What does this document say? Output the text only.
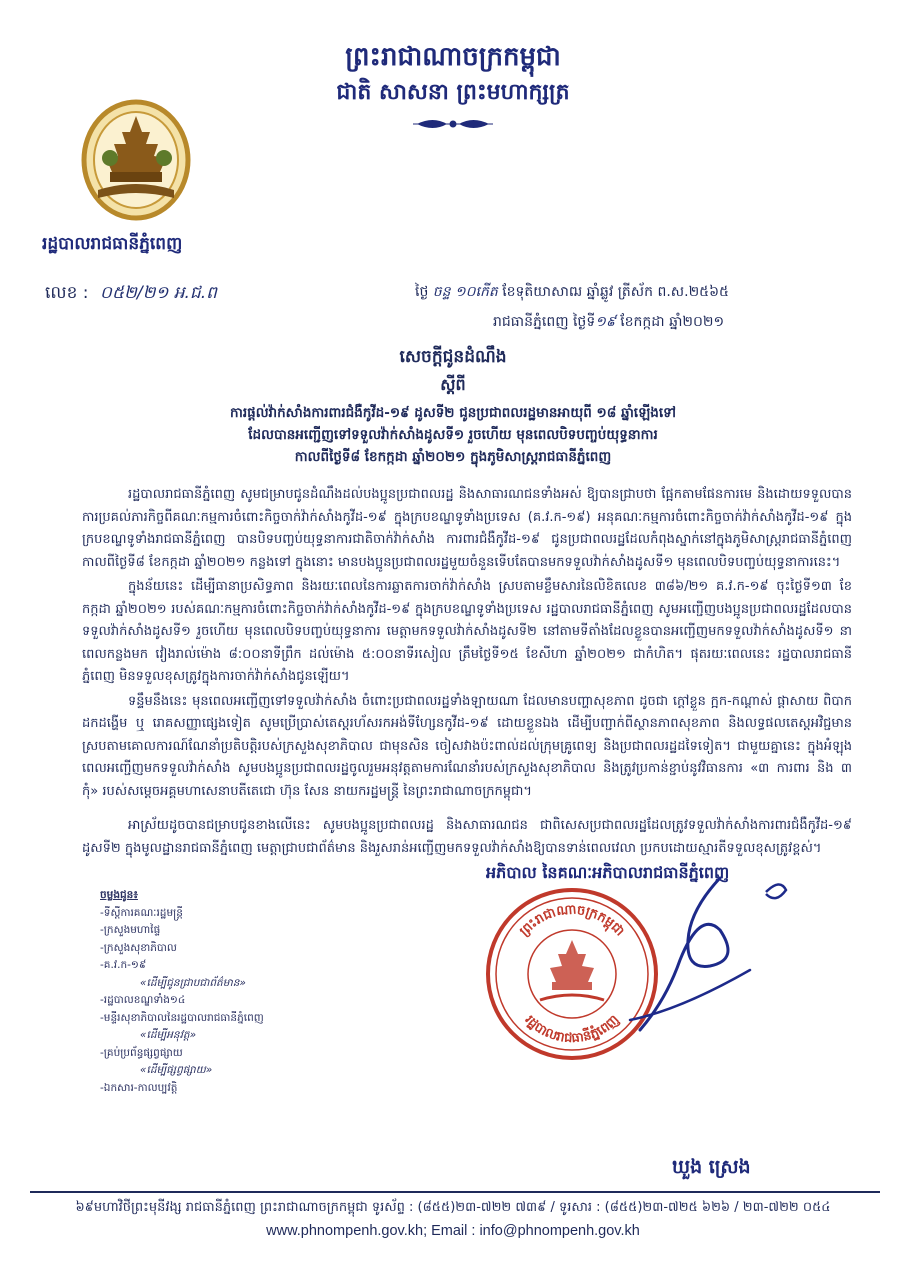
ព្រះរាជាណាចក្រកម្ពុជា
ជាតិ សាសនា ព្រះមហាក្សត្រ
រដ្ឋបាលរាជធានីភ្នំពេញ
លេខ : ០៥២/២១ អ.ជ.ព	ថ្ងៃ ចន្ទ ១០កើត ខែទុតិយាសាឍ ឆ្នាំឆ្លូវ ត្រីស័ក ព.ស.២៥៦៥
រាជធានីភ្នំពេញ ថ្ងៃទី១៩ ខែកក្កដា ឆ្នាំ២០២១
សេចក្តីជូនដំណឹង
ស្តីពី
ការផ្តល់វ៉ាក់សាំងការពារជំងឺកូវីដ-១៩ ដូសទី២ ជូនប្រជាពលរដ្ឋមានអាយុពី ១៨ ឆ្នាំឡើងទៅ
ដែលបានអញ្ជើញទៅទទួលវ៉ាក់សាំងដូសទី១ រួចហើយ មុនពេលបិទបញ្ចប់យុទ្ធនាការ
កាលពីថ្ងៃទី៨ ខែកក្កដា ឆ្នាំ២០២១ ក្នុងភូមិសាស្ត្ររាជធានីភ្នំពេញ

រដ្ឋបាលរាជធានីភ្នំពេញ សូមជម្រាបជូនដំណឹងដល់បងប្អូនប្រជាពលរដ្ឋ និងសាធារណជនទាំងអស់ ឱ្យបានជ្រាបថា ផ្អែកតាមផែនការមេ និងដោយទទួលបានការប្រគល់ភារកិច្ចពីគណៈកម្មការចំពោះកិច្ចចាក់វ៉ាក់សាំងកូវីដ-១៩ ក្នុងក្របខណ្ឌទូទាំងប្រទេស (គ.វ.ក-១៩) អនុគណៈកម្មការចំពោះកិច្ចចាក់វ៉ាក់សាំងកូវីដ-១៩ ក្នុងក្របខណ្ឌទូទាំងរាជធានីភ្នំពេញ បានបិទបញ្ចប់យុទ្ធនាការជាតិចាក់វ៉ាក់សាំង ការពារជំងឺកូវីដ-១៩ ជូនប្រជាពលរដ្ឋដែលកំពុងស្នាក់នៅក្នុងភូមិសាស្ត្ររាជធានីភ្នំពេញ កាលពីថ្ងៃទី៨ ខែកក្កដា ឆ្នាំ២០២១ កន្លងទៅ ក្នុងនោះ មានបងប្អូនប្រជាពលរដ្ឋមួយចំនួនទើបតែបានមកទទួលវ៉ាក់សាំងដូសទី១ មុនពេលបិទបញ្ចប់យុទ្ធនាការនេះ។

ក្នុងន័យនេះ ដើម្បីធានាប្រសិទ្ធភាព និងរយៈពេលនៃការឆ្លាតការចាក់វ៉ាក់សាំង ស្របតាមខ្លឹមសារនៃលិខិតលេខ ៣៨៦/២១ គ.វ.ក-១៩ ចុះថ្ងៃទី១៣ ខែកក្កដា ឆ្នាំ២០២១ របស់គណៈកម្មការចំពោះកិច្ចចាក់វ៉ាក់សាំងកូវីដ-១៩ ក្នុងក្របខណ្ឌទូទាំងប្រទេស រដ្ឋបាលរាជធានីភ្នំពេញ សូមអញ្ជើញបងប្អូនប្រជាពលរដ្ឋដែលបានទទួលវ៉ាក់សាំងដូសទី១ រួចហើយ មុនពេលបិទបញ្ចប់យុទ្ធនាការ មេត្តាមកទទួលវ៉ាក់សាំងដូសទី២ នៅតាមទីតាំងដែលខ្លួនបានអញ្ជើញមកទទួលវ៉ាក់សាំងដូសទី១ នាពេលកន្លងមក វៀងរាល់ម៉ោង ៨:០០នាទីព្រឹក ដល់ម៉ោង ៥:០០នាទីរសៀល ត្រឹមថ្ងៃទី១៥ ខែសីហា ឆ្នាំ២០២១ ជាកំហិត។ ផុតរយៈពេលនេះ រដ្ឋបាលរាជធានីភ្នំពេញ មិនទទួលខុសត្រូវក្នុងការចាក់វ៉ាក់សាំងជូនឡើយ។

ទន្ទឹមនឹងនេះ មុនពេលអញ្ជើញទៅទទួលវ៉ាក់សាំង ចំពោះប្រជាពលរដ្ឋទាំងឡាយណា ដែលមានបញ្ហាសុខភាព ដូចជា ក្តៅខ្លួន ក្អក-កណ្តាស់ ផ្តាសាយ ពិបាកដកដង្ហើម ឬ រោគសញ្ញាផ្សេងទៀត សូមប្រើប្រាស់តេស្តរហ័សរកអង់ទីហ្សែនកូវីដ-១៩ ដោយខ្លួនឯង ដើម្បីបញ្ជាក់ពីស្ថានភាពសុខភាព និងលទ្ធផលតេស្តអវិជ្ជមាន ស្របតាមគោលការណ៍ណែនាំប្រតិបត្តិរបស់ក្រសួងសុខាភិបាល ជាមុនសិន ចៀសវាងប៉ះពាល់ដល់ក្រុមគ្រូពេទ្យ និងប្រជាពលរដ្ឋដទៃទៀត។ ជាមួយគ្នានេះ ក្នុងអំឡុងពេលអញ្ជើញមកទទួលវ៉ាក់សាំង សូមបងប្អូនប្រជាពលរដ្ឋចូលរួមអនុវត្តតាមការណែនាំរបស់ក្រសួងសុខាភិបាល និងត្រូវប្រកាន់ខ្ជាប់នូវវិធានការ «៣ ការពារ និង ៣ កុំ» របស់សម្តេចអគ្គមហាសេនាបតីតេជោ ហ៊ុន សែន នាយករដ្ឋមន្ត្រី នៃព្រះរាជាណាចក្រកម្ពុជា។

អាស្រ័យដូចបានជម្រាបជូនខាងលើនេះ សូមបងប្អូនប្រជាពលរដ្ឋ និងសាធារណជន ជាពិសេសប្រជាពលរដ្ឋដែលត្រូវទទួលវ៉ាក់សាំងការពារជំងឺកូវីដ-១៩ ដូសទី២ ក្នុងមូលដ្ឋានរាជធានីភ្នំពេញ មេត្តាជ្រាបជាព័ត៌មាន និងរួសរាន់អញ្ជើញមកទទួលវ៉ាក់សាំងឱ្យបានទាន់ពេលវេលា ប្រកបដោយស្មារតីទទួលខុសត្រូវខ្ពស់។

ចម្លងជូន៖
-ទីស្តីការគណៈរដ្ឋមន្ត្រី
-ក្រសួងមហាផ្ទៃ
-ក្រសួងសុខាភិបាល
-គ.វ.ក-១៩
«ដើម្បីជូនជ្រាបជាព័ត៌មាន»
-រដ្ឋបាលខណ្ឌទាំង១៤
-មន្ទីរសុខាភិបាលនៃរដ្ឋបាលរាជធានីភ្នំពេញ
«ដើម្បីអនុវត្ត»
-គ្រប់ប្រព័ន្ធផ្សព្វផ្សាយ
«ដើម្បីផ្សព្វផ្សាយ»
-ឯកសារ-កាលប្បវត្តិ
អភិបាល នៃគណៈអភិបាលរាជធានីភ្នំពេញ
ព្រះរាជាណាចក្រកម្ពុជា
រដ្ឋបាលរាជធានីភ្នំពេញ
ឃួង ស្រេង
៦៩មហាវិថីព្រះមុនីវង្ស រាជធានីភ្នំពេញ ព្រះរាជាណាចក្រកម្ពុជា ទូរស័ព្ទ : (៨៥៥)២៣-៧២២ ៧៣៩ / ទូរសារ : (៨៥៥)២៣-៧២៥ ៦២៦ / ២៣-៧២២ ០៥៤
www.phnompenh.gov.kh; Email : info@phnompenh.gov.kh
